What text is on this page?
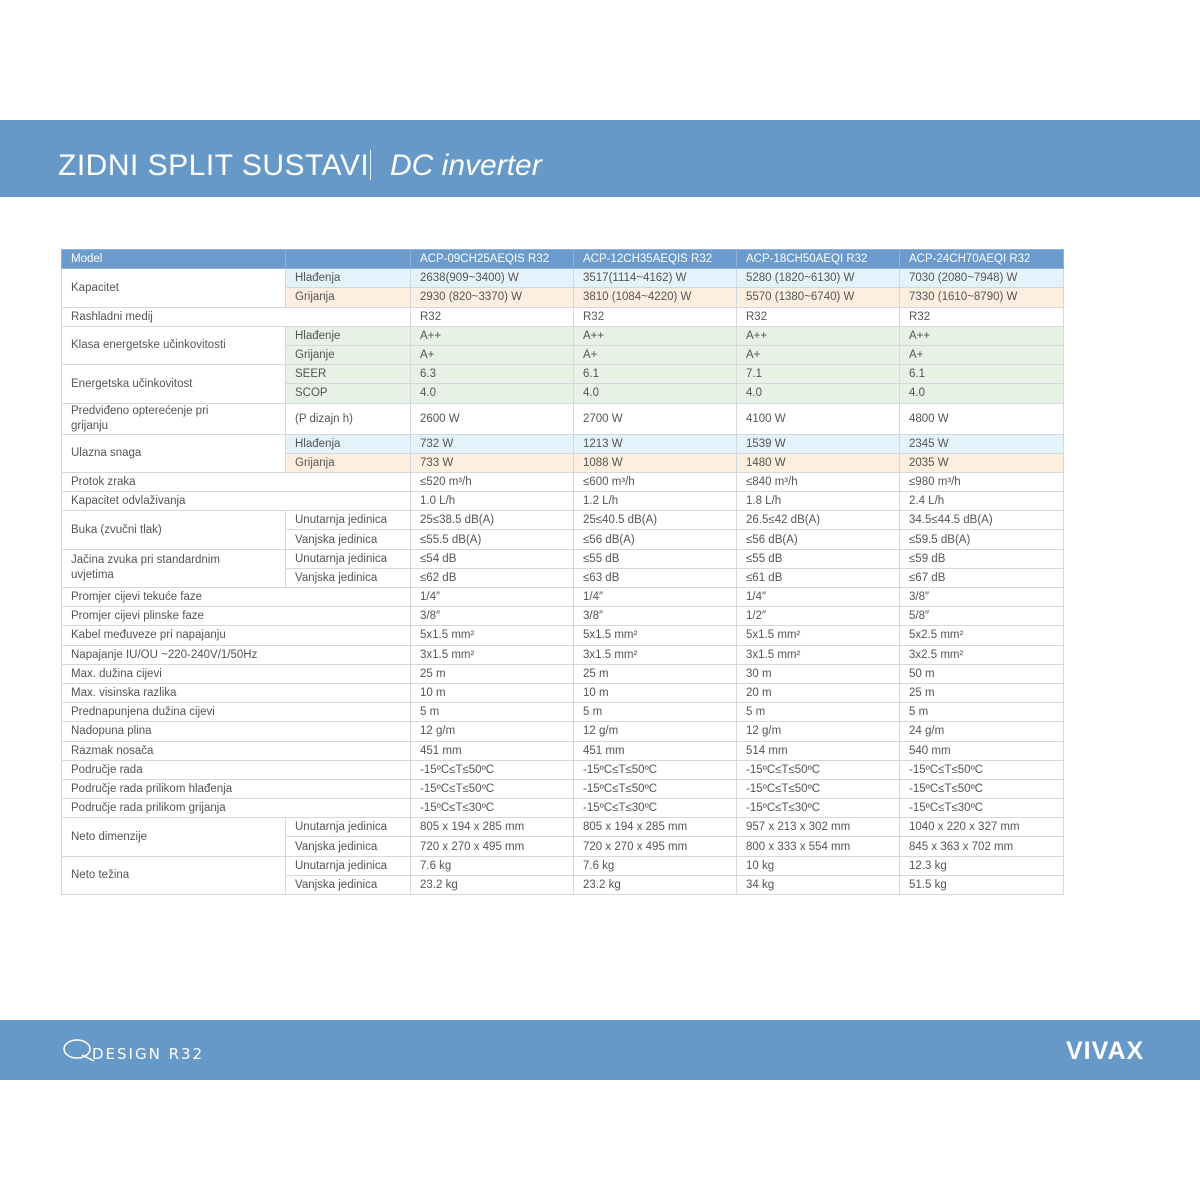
ZIDNI SPLIT SUSTAVI DC inverter
Model		ACP-09CH25AEQIS R32	ACP-12CH35AEQIS R32	ACP-18CH50AEQI R32	ACP-24CH70AEQI R32
Kapacitet	Hlađenja	2638(909~3400) W	3517(1114~4162) W	5280 (1820~6130) W	7030 (2080~7948) W
	Grijanja	2930 (820~3370) W	3810 (1084~4220) W	5570 (1380~6740) W	7330 (1610~8790) W
Rashladni medij		R32	R32	R32	R32
Klasa energetske učinkovitosti	Hlađenje	A++	A++	A++	A++
	Grijanje	A+	A+	A+	A+
Energetska učinkovitost	SEER	6.3	6.1	7.1	6.1
	SCOP	4.0	4.0	4.0	4.0
Predviđeno opterećenje pri grijanju	(P dizajn h)	2600 W	2700 W	4100 W	4800 W
Ulazna snaga	Hlađenja	732 W	1213 W	1539 W	2345 W
	Grijanja	733 W	1088 W	1480 W	2035 W
Protok zraka		≤520 m³/h	≤600 m³/h	≤840 m³/h	≤980 m³/h
Kapacitet odvlaživanja		1.0 L/h	1.2 L/h	1.8 L/h	2.4 L/h
Buka (zvučni tlak)	Unutarnja jedinica	25≤38.5 dB(A)	25≤40.5 dB(A)	26.5≤42 dB(A)	34.5≤44.5 dB(A)
	Vanjska jedinica	≤55.5 dB(A)	≤56 dB(A)	≤56 dB(A)	≤59.5 dB(A)
Jačina zvuka pri standardnim uvjetima	Unutarnja jedinica	≤54 dB	≤55 dB	≤55 dB	≤59 dB
	Vanjska jedinica	≤62 dB	≤63 dB	≤61 dB	≤67 dB
Promjer cijevi tekuće faze		1/4″	1/4″	1/4″	3/8″
Promjer cijevi plinske faze		3/8″	3/8″	1/2″	5/8″
Kabel međuveze pri napajanju		5x1.5 mm²	5x1.5 mm²	5x1.5 mm²	5x2.5 mm²
Napajanje IU/OU ~220-240V/1/50Hz		3x1.5 mm²	3x1.5 mm²	3x1.5 mm²	3x2.5 mm²
Max. dužina cijevi		25 m	25 m	30 m	50 m
Max. visinska razlika		10 m	10 m	20 m	25 m
Prednapunjena dužina cijevi		5 m	5 m	5 m	5 m
Nadopuna plina		12 g/m	12 g/m	12 g/m	24 g/m
Razmak nosača		451 mm	451 mm	514 mm	540 mm
Područje rada		-15ºC≤T≤50ºC	-15ºC≤T≤50ºC	-15ºC≤T≤50ºC	-15ºC≤T≤50ºC
Područje rada prilikom hlađenja		-15ºC≤T≤50ºC	-15ºC≤T≤50ºC	-15ºC≤T≤50ºC	-15ºC≤T≤50ºC
Područje rada prilikom grijanja		-15ºC≤T≤30ºC	-15ºC≤T≤30ºC	-15ºC≤T≤30ºC	-15ºC≤T≤30ºC
Neto dimenzije	Unutarnja jedinica	805 x 194 x 285 mm	805 x 194 x 285 mm	957 x 213 x 302 mm	1040 x 220 x 327 mm
	Vanjska jedinica	720 x 270 x 495 mm	720 x 270 x 495 mm	800 x 333 x 554 mm	845 x 363 x 702 mm
Neto težina	Unutarnja jedinica	7.6 kg	7.6 kg	10 kg	12.3 kg
	Vanjska jedinica	23.2 kg	23.2 kg	34 kg	51.5 kg
DESIGN R32	VIVAX
